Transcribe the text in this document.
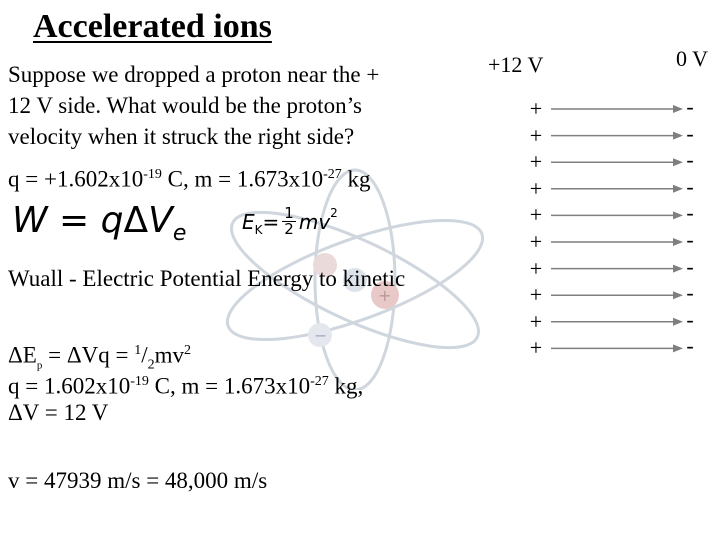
+
−
Accelerated ions
Suppose we dropped a proton near the +
12 V side. What would be the proton’s
velocity when it struck the right side?
$q = +1.602x10^{-19}$ C, $m = 1.673x10^{-27}$ kg
W = qΔV$_e$	$E_K = \frac{1}{2}$ m $v^2$
Wuall - Electric Potential Energy to kinetic
$\Delta E_p = \Delta Vq = ^1/_2mv^2$
$q = 1.602x10^{-19}$ C, $m = 1.673x10^{-27}$ kg,
ΔV = 12 V
v = 47939 m/s = 48,000 m/s
+12 V	0 V
+
+
+
+
+
+
+
+
+
+
-
-
-
-
-
-
-
-
-
-
